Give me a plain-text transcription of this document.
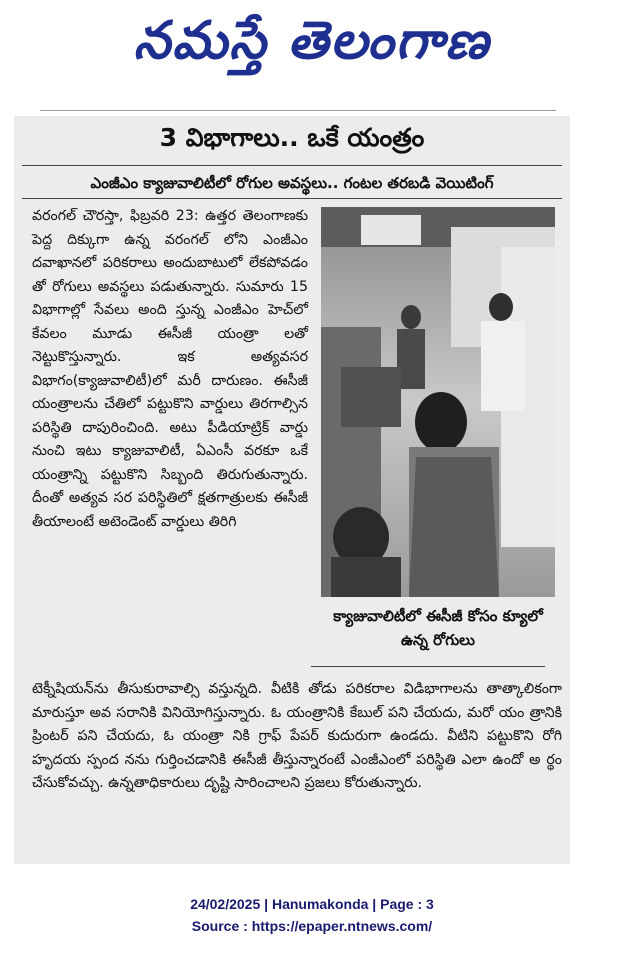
నమస్తే తెలంగాణ
3 విభాగాలు.. ఒకే యంత్రం
ఎంజీఎం క్యాజువాలిటీలో రోగుల అవస్థలు.. గంటల తరబడి వెయిటింగ్
వరంగల్ చౌరస్తా, ఫిబ్రవరి 23: ఉత్తర తెలంగాణకు పెద్ద దిక్కుగా ఉన్న వరంగల్ లోని ఎంజీఎం దవాఖానలో పరికరాలు అందుబాటులో లేకపోవడం తో రోగులు అవస్థలు పడుతున్నారు. సుమారు 15 విభాగాల్లో సేవలు అంది స్తున్న ఎంజీఎం హెచ్‌లో కేవలం మూడు ఈసీజీ యంత్రా లతో నెట్టుకొస్తున్నారు. ఇక అత్యవసర విభాగం(క్యాజువాలిటీ)లో మరీ దారుణం. ఈసీజీ యంత్రాలను చేతిలో పట్టుకొని వార్డులు తిరగాల్సిన పరిస్థితి దాపురించింది. అటు పీడియాట్రిక్ వార్డు నుంచి ఇటు క్యాజువాలిటీ, ఏఎంసీ వరకూ ఒకే యంత్రాన్ని పట్టుకొని సిబ్బంది తిరుగుతున్నారు. దీంతో అత్యవ సర పరిస్థితిలో క్షతగాత్రులకు ఈసీజీ తీయాలంటే అటెండెంట్ వార్డులు తిరిగి
క్యాజువాలిటీలో ఈసీజీ కోసం క్యూలో ఉన్న రోగులు
టెక్నీషియన్‌ను తీసుకురావాల్సి వస్తున్నది. వీటికి తోడు పరికరాల విడిభాగాలను తాత్కాలికంగా మారుస్తూ అవ సరానికి వినియోగిస్తున్నారు. ఓ యంత్రానికి కేబుల్ పని చేయదు, మరో యం త్రానికి ప్రింటర్ పని చేయదు, ఓ యంత్రా నికి గ్రాఫ్ పేపర్ కుదురుగా ఉండదు. వీటిని పట్టుకొని రోగి హృదయ స్పంద నను గుర్తించడానికి ఈసీజీ తీస్తున్నారంటే ఎంజీఎంలో పరిస్థితి ఎలా ఉందో అ ర్థం చేసుకోవచ్చు. ఉన్నతాధికారులు దృష్టి సారించాలని ప్రజలు కోరుతున్నారు.
24/02/2025 | Hanumakonda | Page : 3
Source : https://epaper.ntnews.com/
